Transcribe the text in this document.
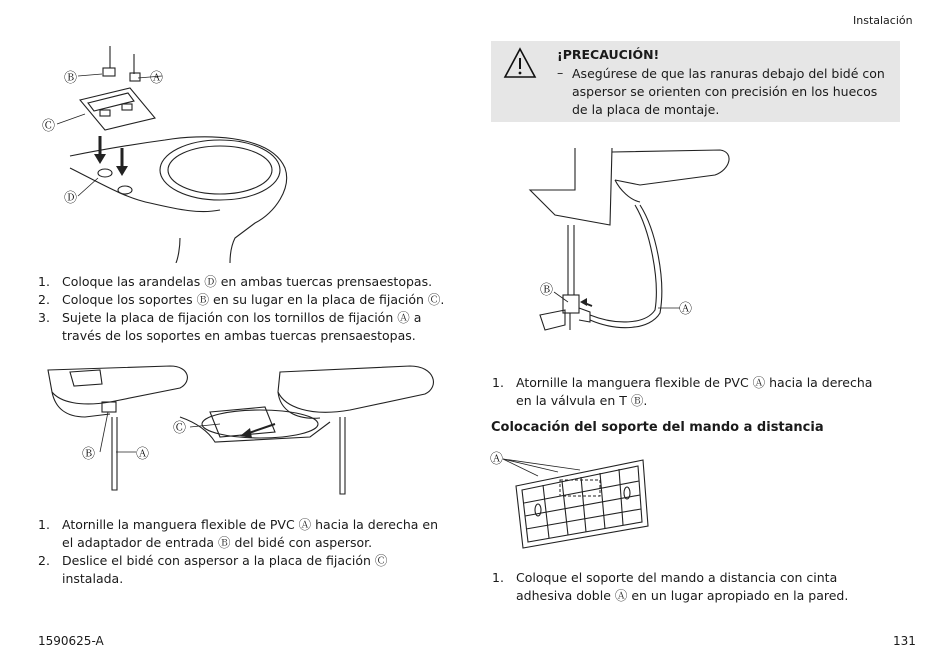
Instalación
Ⓑ	Ⓐ
Ⓒ
Ⓓ
1. Coloque las arandelas Ⓓ en ambas tuercas prensaestopas.
2. Coloque los soportes Ⓑ en su lugar en la placa de fijación Ⓒ.
3. Sujete la placa de fijación con los tornillos de fijación Ⓐ a través de los soportes en ambas tuercas prensaestopas.
Ⓒ
Ⓑ	Ⓐ
1. Atornille la manguera flexible de PVC Ⓐ hacia la derecha en el adaptador de entrada Ⓑ del bidé con aspersor.
2. Deslice el bidé con aspersor a la placa de fijación Ⓒ instalada.
¡PRECAUCIÓN!
– Asegúrese de que las ranuras debajo del bidé con aspersor se orienten con precisión en los huecos de la placa de montaje.
Ⓑ
Ⓐ
1. Atornille la manguera flexible de PVC Ⓐ hacia la derecha en la válvula en T Ⓑ.
Colocación del soporte del mando a distancia
Ⓐ
1. Coloque el soporte del mando a distancia con cinta adhesiva doble Ⓐ en un lugar apropiado en la pared.
1590625-A	131
